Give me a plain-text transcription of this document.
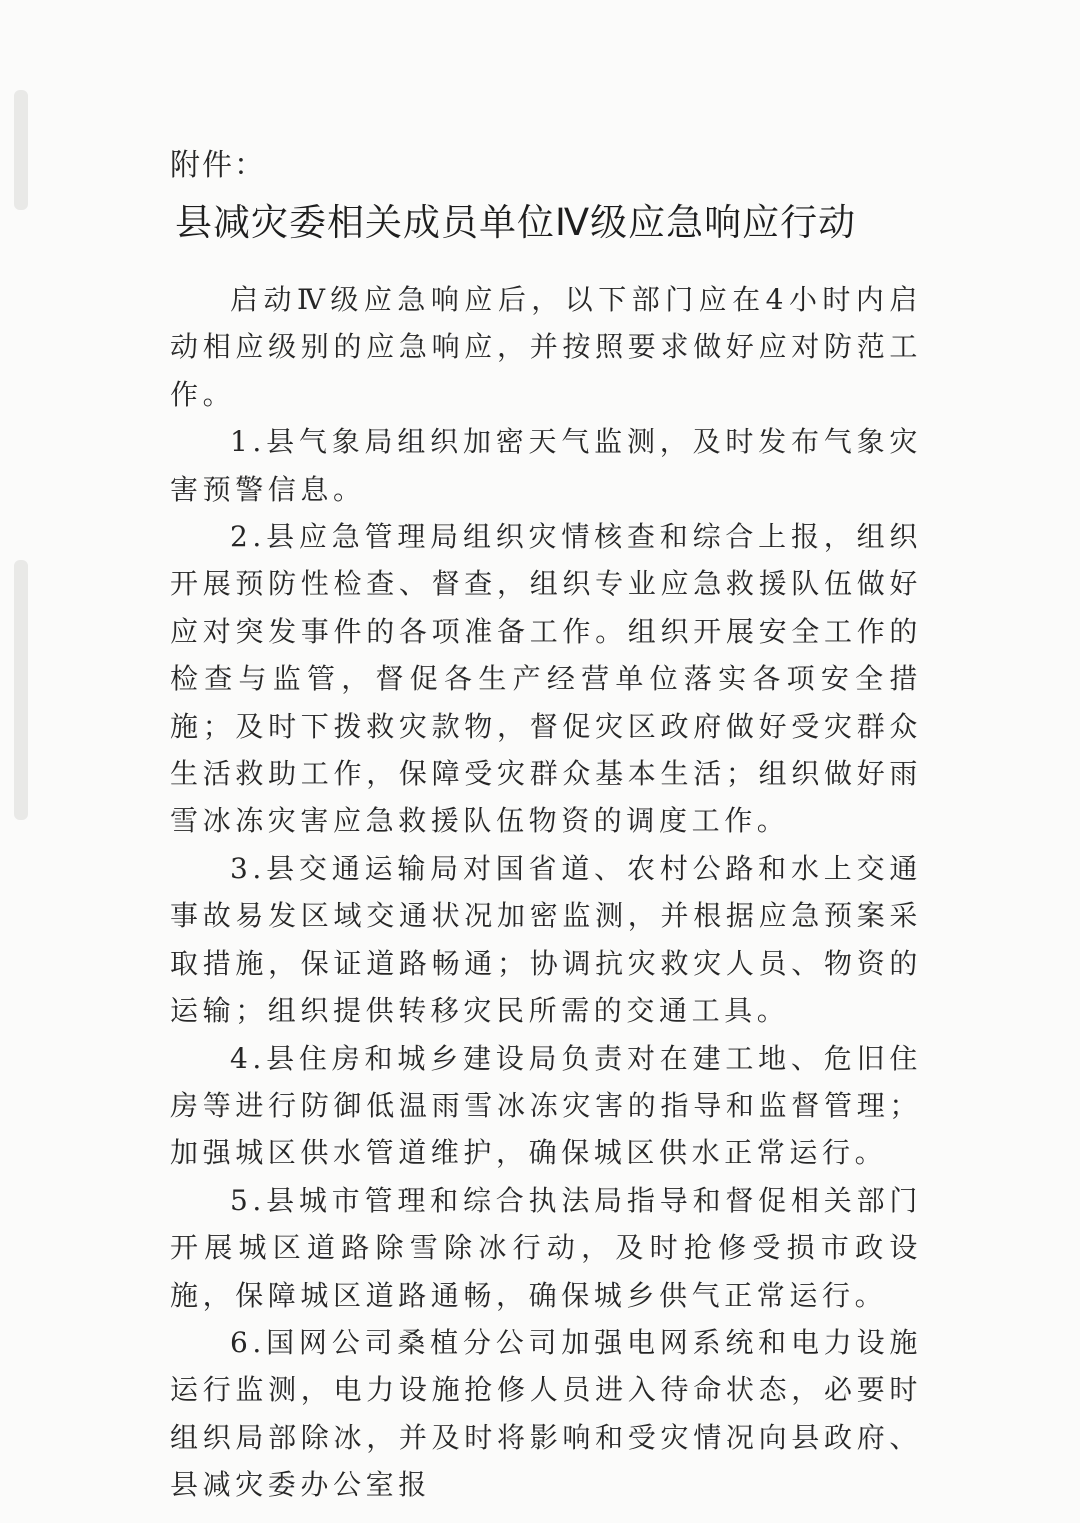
附件：
县减灾委相关成员单位Ⅳ级应急响应行动

启动Ⅳ级应急响应后，以下部门应在4小时内启动相应级别的应急响应，并按照要求做好应对防范工作。

1.县气象局组织加密天气监测，及时发布气象灾害预警信息。

2.县应急管理局组织灾情核查和综合上报，组织开展预防性检查、督查，组织专业应急救援队伍做好应对突发事件的各项准备工作。组织开展安全工作的检查与监管，督促各生产经营单位落实各项安全措施；及时下拨救灾款物，督促灾区政府做好受灾群众生活救助工作，保障受灾群众基本生活；组织做好雨雪冰冻灾害应急救援队伍物资的调度工作。

3.县交通运输局对国省道、农村公路和水上交通事故易发区域交通状况加密监测，并根据应急预案采取措施，保证道路畅通；协调抗灾救灾人员、物资的运输；组织提供转移灾民所需的交通工具。

4.县住房和城乡建设局负责对在建工地、危旧住房等进行防御低温雨雪冰冻灾害的指导和监督管理；加强城区供水管道维护，确保城区供水正常运行。

5.县城市管理和综合执法局指导和督促相关部门开展城区道路除雪除冰行动，及时抢修受损市政设施，保障城区道路通畅，确保城乡供气正常运行。

6.国网公司桑植分公司加强电网系统和电力设施运行监测，电力设施抢修人员进入待命状态，必要时组织局部除冰，并及时将影响和受灾情况向县政府、县减灾委办公室报
